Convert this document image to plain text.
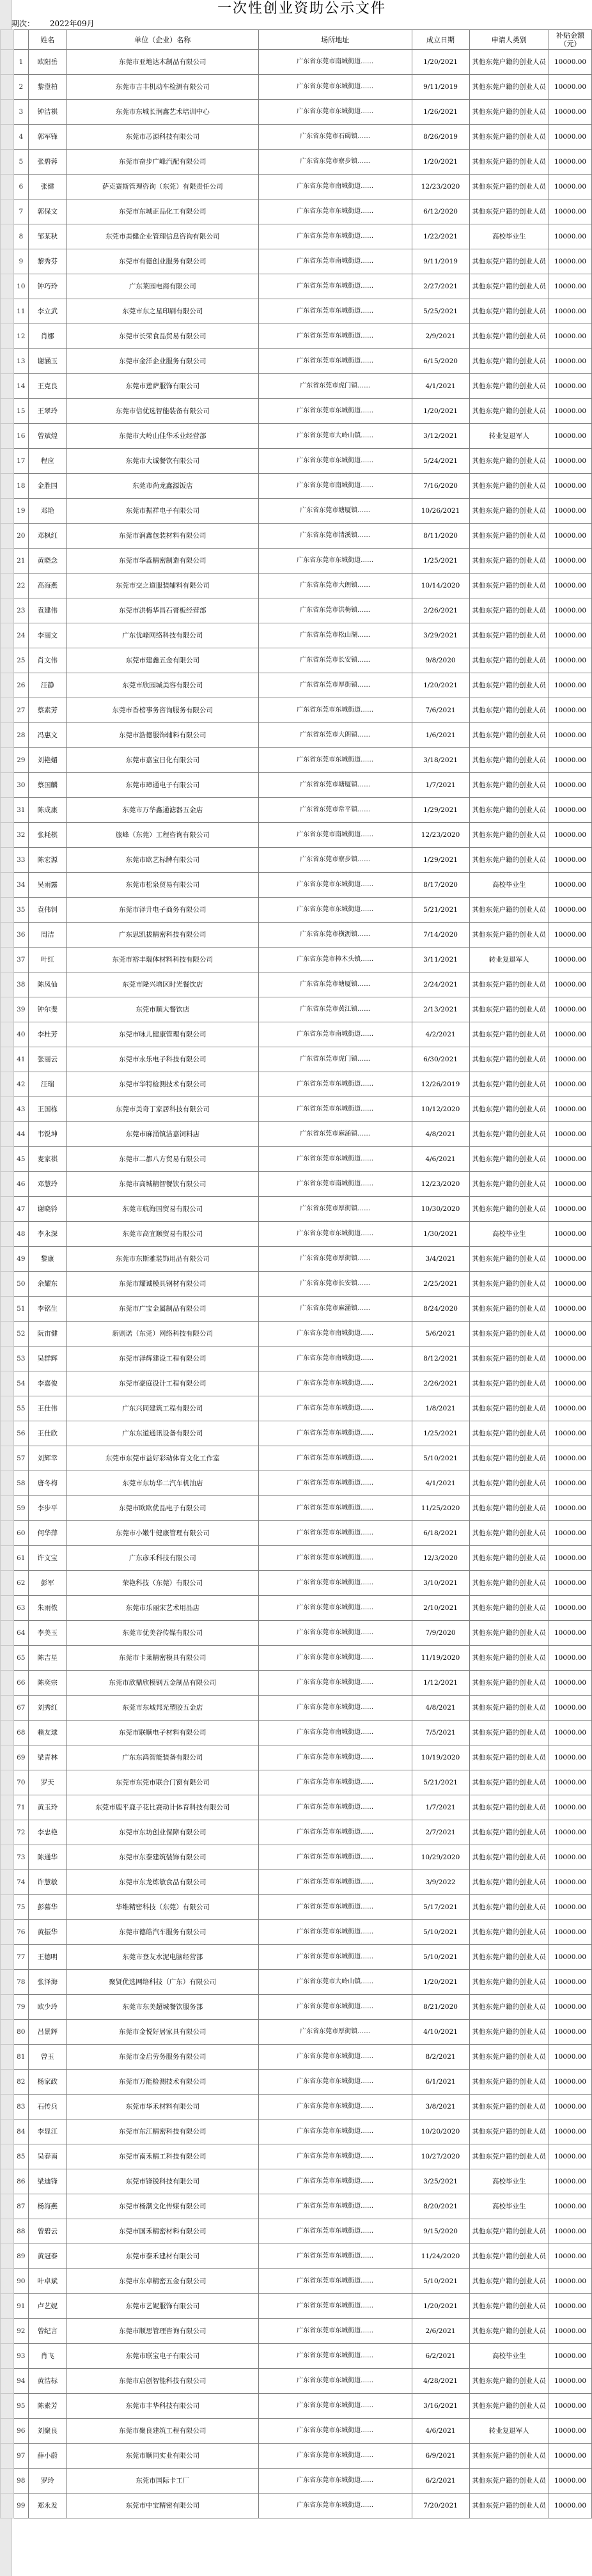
一次性创业资助公示文件
期次： 2022年09月
		姓名	单位（企业）名称	场所地址	成立日期	申请人类别	补贴金额（元）
	1	欧阳岳	东莞市亚地达木制品有限公司	广东省东莞市南城街道……	1/20/2021	其他东莞户籍的创业人员	10000.00
	2	黎澄柏	东莞市吉丰机动车检测有限公司	广东省东莞市东城街道……	9/11/2019	其他东莞户籍的创业人员	10000.00
	3	钟洁祺	东莞市东城长润鑫艺术培训中心	广东省东莞市东城街道……	1/26/2021	其他东莞户籍的创业人员	10000.00
	4	郭军锋	东莞市芯源科技有限公司	广东省东莞市石碣镇……	8/26/2019	其他东莞户籍的创业人员	10000.00
	5	张碧蓉	东莞市奋步广峰汽配有限公司	广东省东莞市寮步镇……	1/20/2021	其他东莞户籍的创业人员	10000.00
	6	张健	萨克赛斯管理咨询（东莞）有限责任公司	广东省东莞市南城街道……	12/23/2020	其他东莞户籍的创业人员	10000.00
	7	郭保文	东莞市东城正品化工有限公司	广东省东莞市东城街道……	6/12/2020	其他东莞户籍的创业人员	10000.00
	8	邹某秋	东莞市美健企业管理信息咨询有限公司	广东省东莞市东城街道……	1/22/2021	高校毕业生	10000.00
	9	黎秀芬	东莞市有德创业服务有限公司	广东省东莞市南城街道……	9/11/2019	其他东莞户籍的创业人员	10000.00
	10	钟巧玲	广东莱园电商有限公司	广东省东莞市东城街道……	2/27/2021	其他东莞户籍的创业人员	10000.00
	11	李立武	东莞市东之星印刷有限公司	广东省东莞市东城街道……	5/25/2021	其他东莞户籍的创业人员	10000.00
	12	肖娜	东莞市长荣食品贸易有限公司	广东省东莞市东城街道……	2/9/2021	其他东莞户籍的创业人员	10000.00
	13	谢涵玉	东莞市金洋企业服务有限公司	广东省东莞市东城街道……	6/15/2020	其他东莞户籍的创业人员	10000.00
	14	王克良	东莞市莲萨服饰有限公司	广东省东莞市虎门镇……	4/1/2021	其他东莞户籍的创业人员	10000.00
	15	王翠玲	东莞市信优选智能装备有限公司	广东省东莞市东城街道……	1/20/2021	其他东莞户籍的创业人员	10000.00
	16	曾斌煌	东莞市大岭山佳华禾业经营部	广东省东莞市大岭山镇……	3/12/2021	转业复退军人	10000.00
	17	程应	东莞市大诚餐饮有限公司	广东省东莞市东城街道……	5/24/2021	其他东莞户籍的创业人员	10000.00
	18	金胜国	东莞市尚龙鑫源饭店	广东省东莞市南城街道……	7/16/2020	其他东莞户籍的创业人员	10000.00
	19	邓艳	东莞市振祥电子有限公司	广东省东莞市塘厦镇……	10/26/2021	其他东莞户籍的创业人员	10000.00
	20	邓枫红	东莞市润鑫包装材料有限公司	广东省东莞市清溪镇……	8/11/2020	其他东莞户籍的创业人员	10000.00
	21	黄晓念	东莞市华淼精密制造有限公司	广东省东莞市东城街道……	1/25/2021	其他东莞户籍的创业人员	10000.00
	22	高海燕	东莞市交之道服装辅料有限公司	广东省东莞市大朗镇……	10/14/2020	其他东莞户籍的创业人员	10000.00
	23	袁建伟	东莞市洪梅华昌石膏板经营部	广东省东莞市洪梅镇……	2/26/2021	其他东莞户籍的创业人员	10000.00
	24	李丽文	广东优峰网络科技有限公司	广东省东莞市松山湖……	3/29/2021	其他东莞户籍的创业人员	10000.00
	25	肖文伟	东莞市建鑫五金有限公司	广东省东莞市长安镇……	9/8/2020	其他东莞户籍的创业人员	10000.00
	26	汪静	东莞市欣园城美容有限公司	广东省东莞市厚街镇……	1/20/2021	其他东莞户籍的创业人员	10000.00
	27	蔡素芳	东莞市香榜事务咨询服务有限公司	广东省东莞市东城街道……	7/6/2021	其他东莞户籍的创业人员	10000.00
	28	冯惠文	东莞市浩德服饰辅料有限公司	广东省东莞市大朗镇……	1/6/2021	其他东莞户籍的创业人员	10000.00
	29	刘艳媚	东莞市嘉宝日化有限公司	广东省东莞市东城街道……	3/18/2021	其他东莞户籍的创业人员	10000.00
	30	蔡国麟	东莞市璋通电子有限公司	广东省东莞市塘厦镇……	1/7/2021	其他东莞户籍的创业人员	10000.00
	31	陈成康	东莞市万华鑫通滤器五金店	广东省东莞市常平镇……	1/29/2021	其他东莞户籍的创业人员	10000.00
	32	张耗棋	旅峰（东莞）工程咨询有限公司	广东省东莞市南城街道……	12/23/2020	其他东莞户籍的创业人员	10000.00
	33	陈宏源	东莞市欧艺标牌有限公司	广东省东莞市寮步镇……	1/29/2021	其他东莞户籍的创业人员	10000.00
	34	吴雨露	东莞市松泉贸易有限公司	广东省东莞市东城街道……	8/17/2020	高校毕业生	10000.00
	35	袁伟钊	东莞市泽升电子商务有限公司	广东省东莞市东城街道……	5/21/2021	其他东莞户籍的创业人员	10000.00
	36	周洁	广东思凯拔精密科技有限公司	广东省东莞市横沥镇……	7/14/2020	其他东莞户籍的创业人员	10000.00
	37	叶红	东莞市裕丰瑞体材料科技有限公司	广东省东莞市樟木头镇……	3/11/2021	转业复退军人	10000.00
	38	陈凤仙	东莞市隆兴增区时光餐饮店	广东省东莞市塘厦镇……	2/24/2021	其他东莞户籍的创业人员	10000.00
	39	钟尔斐	东莞市顺大餐饮店	广东省东莞市黄江镇……	2/13/2021	其他东莞户籍的创业人员	10000.00
	40	李杜芳	东莞市咏儿健康管理有限公司	广东省东莞市南城街道……	4/2/2021	其他东莞户籍的创业人员	10000.00
	41	张丽云	东莞市永乐电子科技有限公司	广东省东莞市虎门镇……	6/30/2021	其他东莞户籍的创业人员	10000.00
	42	汪瑞	东莞市华特检测技术有限公司	广东省东莞市东城街道……	12/26/2019	其他东莞户籍的创业人员	10000.00
	43	王国栋	东莞市美奇丁家居科技有限公司	广东省东莞市东城街道……	10/12/2020	其他东莞户籍的创业人员	10000.00
	44	韦锐坤	东莞市麻涌镇洁嘉饲料店	广东省东莞市麻涌镇……	4/8/2021	其他东莞户籍的创业人员	10000.00
	45	麦家祺	东莞市二都八方贸易有限公司	广东省东莞市东城街道……	4/6/2021	其他东莞户籍的创业人员	10000.00
	46	邓慧玲	东莞市高城精智餐饮有限公司	广东省东莞市南城街道……	12/23/2020	其他东莞户籍的创业人员	10000.00
	47	谢晓钤	东莞市航海国贸易有限公司	广东省东莞市厚街镇……	10/30/2020	其他东莞户籍的创业人员	10000.00
	48	李永深	东莞市高宜顺贸易有限公司	广东省东莞市东城街道……	1/30/2021	高校毕业生	10000.00
	49	黎康	东莞市东斯雅装饰用品有限公司	广东省东莞市厚街镇……	3/4/2021	其他东莞户籍的创业人员	10000.00
	50	余耀东	东莞市耀诚模具钢材有限公司	广东省东莞市长安镇……	2/25/2021	其他东莞户籍的创业人员	10000.00
	51	李铭生	东莞市广宝金属制品有限公司	广东省东莞市麻涌镇……	8/24/2020	其他东莞户籍的创业人员	10000.00
	52	阮宙健	新则诺（东莞）网络科技有限公司	广东省东莞市南城街道……	5/6/2021	其他东莞户籍的创业人员	10000.00
	53	吴群辉	东莞市泽辉建设工程有限公司	广东省东莞市南城街道……	8/12/2021	其他东莞户籍的创业人员	10000.00
	54	李嘉俊	东莞市豪庭设计工程有限公司	广东省东莞市东城街道……	2/26/2021	其他东莞户籍的创业人员	10000.00
	55	王仕伟	广东兴同建筑工程有限公司	广东省东莞市东城街道……	1/8/2021	其他东莞户籍的创业人员	10000.00
	56	王仕欣	广东东道通讯设备有限公司	广东省东莞市东城街道……	1/25/2021	其他东莞户籍的创业人员	10000.00
	57	刘辉幸	东莞市东莞市益好彩动体育文化工作室	广东省东莞市东城街道……	5/10/2021	其他东莞户籍的创业人员	10000.00
	58	唐冬梅	东莞市东坊华二汽车机油店	广东省东莞市东城街道……	4/1/2021	其他东莞户籍的创业人员	10000.00
	59	李步平	东莞市欧欧优品电子有限公司	广东省东莞市东城街道……	11/25/2020	其他东莞户籍的创业人员	10000.00
	60	何华萍	东莞市小嫩牛健康管理有限公司	广东省东莞市东城街道……	6/18/2021	其他东莞户籍的创业人员	10000.00
	61	许文宝	广东彦禾科技有限公司	广东省东莞市东城街道……	12/3/2020	其他东莞户籍的创业人员	10000.00
	62	彭军	荣艳科技（东莞）有限公司	广东省东莞市东城街道……	3/10/2021	其他东莞户籍的创业人员	10000.00
	63	朱雨侬	东莞市乐丽宋艺术用品店	广东省东莞市东城街道……	2/10/2021	其他东莞户籍的创业人员	10000.00
	64	李美玉	东莞市优美谷传媒有限公司	广东省东莞市东城街道……	7/9/2020	其他东莞户籍的创业人员	10000.00
	65	陈吉星	东莞市卡莱精密模具有限公司	广东省东莞市东城街道……	11/19/2020	其他东莞户籍的创业人员	10000.00
	66	陈奕宗	东莞市欣鼎欣模钢五金制品有限公司	广东省东莞市东城街道……	1/12/2021	其他东莞户籍的创业人员	10000.00
	67	刘秀红	东莞市东城邦光塑胶五金店	广东省东莞市东城街道……	4/8/2021	其他东莞户籍的创业人员	10000.00
	68	赖友球	东莞市联顺电子材料有限公司	广东省东莞市南城街道……	7/5/2021	其他东莞户籍的创业人员	10000.00
	69	梁青林	广东东鸿智能装备有限公司	广东省东莞市东城街道……	10/19/2020	其他东莞户籍的创业人员	10000.00
	70	罗天	东莞市东莞市联合门窗有限公司	广东省东莞市东城街道……	5/21/2021	其他东莞户籍的创业人员	10000.00
	71	黄玉玲	东莞市鹿平鹿子花比赛动计体育科技有限公司	广东省东莞市东城街道……	1/7/2021	其他东莞户籍的创业人员	10000.00
	72	李忠艳	东莞市东坊创业保障有限公司	广东省东莞市东城街道……	2/7/2021	其他东莞户籍的创业人员	10000.00
	73	陈通华	东莞市东泰建筑装饰有限公司	广东省东莞市东城街道……	10/29/2020	其他东莞户籍的创业人员	10000.00
	74	许慧敏	东莞市东龙炼敏食品有限公司	广东省东莞市东城街道……	3/9/2022	其他东莞户籍的创业人员	10000.00
	75	彭慕华	华维精密科技（东莞）有限公司	广东省东莞市东城街道……	5/17/2021	其他东莞户籍的创业人员	10000.00
	76	黄振华	东莞市德皓汽车服务有限公司	广东省东莞市东城街道……	5/10/2021	其他东莞户籍的创业人员	10000.00
	77	王德明	东莞市登友水泥电脑经营部	广东省东莞市东城街道……	5/10/2021	其他东莞户籍的创业人员	10000.00
	78	张泽海	聚贤优选网络科技（广东）有限公司	广东省东莞市大岭山镇……	1/20/2021	其他东莞户籍的创业人员	10000.00
	79	欧少玲	东莞市东美超城餐饮服务部	广东省东莞市东城街道……	8/21/2020	其他东莞户籍的创业人员	10000.00
	80	吕景辉	东莞市金悦好居家具有限公司	广东省东莞市厚街镇……	4/10/2021	其他东莞户籍的创业人员	10000.00
	81	曾玉	东莞市金启劳务服务有限公司	广东省东莞市东城街道……	8/2/2021	其他东莞户籍的创业人员	10000.00
	82	杨家政	东莞市万能检测技术有限公司	广东省东莞市东城街道……	6/1/2021	其他东莞户籍的创业人员	10000.00
	83	石传兵	东莞市华禾材料有限公司	广东省东莞市东城街道……	3/8/2021	其他东莞户籍的创业人员	10000.00
	84	李显江	东莞市东江精密科技有限公司	广东省东莞市东城街道……	10/20/2020	其他东莞户籍的创业人员	10000.00
	85	吴春南	东莞市南禾精工科技有限公司	广东省东莞市东城街道……	10/27/2020	其他东莞户籍的创业人员	10000.00
	86	梁迪锋	东莞市锋锐科技有限公司	广东省东莞市东城街道……	3/25/2021	高校毕业生	10000.00
	87	杨海燕	东莞市杨潮文化传媒有限公司	广东省东莞市东城街道……	8/20/2021	高校毕业生	10000.00
	88	曾碧云	东莞市国禾精密材料有限公司	广东省东莞市东城街道……	9/15/2020	其他东莞户籍的创业人员	10000.00
	89	黄冠泰	东莞市泰禾建材有限公司	广东省东莞市东城街道……	11/24/2020	其他东莞户籍的创业人员	10000.00
	90	叶卓斌	东莞市东卓精密五金有限公司	广东省东莞市东城街道……	5/10/2021	其他东莞户籍的创业人员	10000.00
	91	卢艺妮	东莞市艺妮服饰有限公司	广东省东莞市东城街道……	1/20/2021	其他东莞户籍的创业人员	10000.00
	92	曾纪言	东莞市顺思管理咨询有限公司	广东省东莞市东城街道……	2/6/2021	其他东莞户籍的创业人员	10000.00
	93	肖飞	东莞市联宝电子有限公司	广东省东莞市东城街道……	6/2/2021	高校毕业生	10000.00
	94	黄浩标	东莞市启创智能科技有限公司	广东省东莞市东城街道……	4/28/2021	其他东莞户籍的创业人员	10000.00
	95	陈素芳	东莞市丰华科技有限公司	广东省东莞市东城街道……	3/16/2021	其他东莞户籍的创业人员	10000.00
	96	刘聚良	东莞市聚良建筑工程有限公司	广东省东莞市东城街道……	4/6/2021	转业复退军人	10000.00
	97	薛小蔚	东莞市顺同实业有限公司	广东省东莞市东城街道……	6/9/2021	其他东莞户籍的创业人员	10000.00
	98	罗玲	东莞市国际卡工厂	广东省东莞市东城街道……	6/2/2021	其他东莞户籍的创业人员	10000.00
	99	郑永发	东莞市中宝精密有限公司	广东省东莞市东城街道……	7/20/2021	其他东莞户籍的创业人员	10000.00
